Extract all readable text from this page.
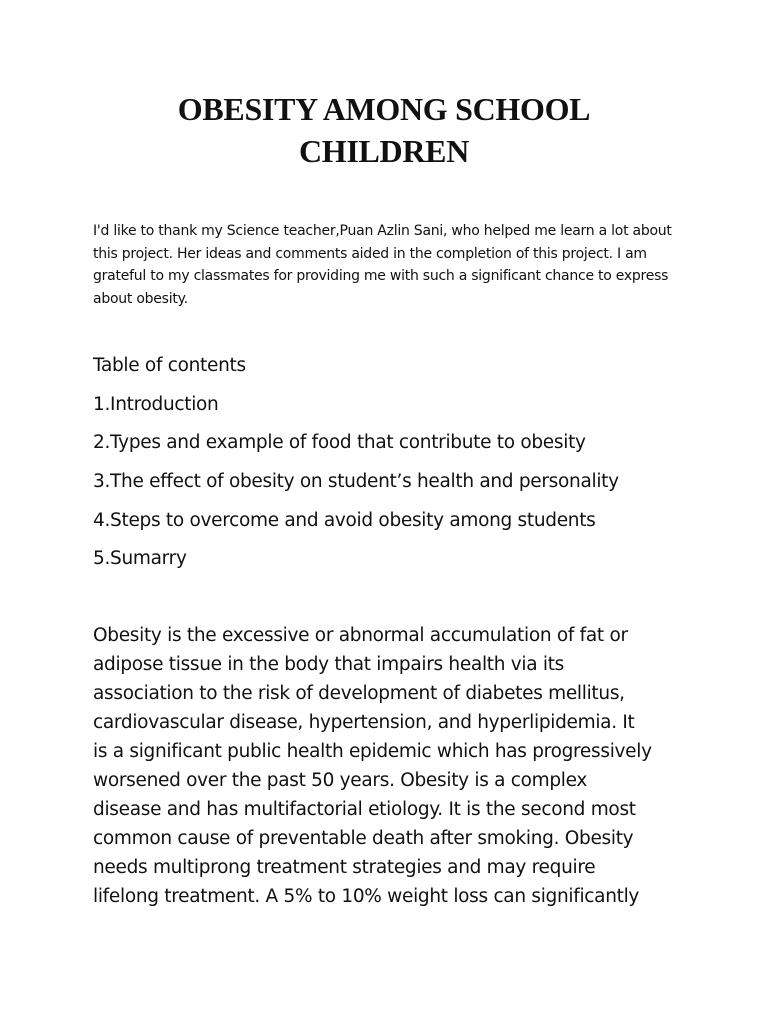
OBESITY AMONG SCHOOL
CHILDREN

I'd like to thank my Science teacher,Puan Azlin Sani, who helped me learn a lot about this project. Her ideas and comments aided in the completion of this project. I am grateful to my classmates for providing me with such a significant chance to express about obesity.

Table of contents
1.Introduction
2.Types and example of food that contribute to obesity
3.The effect of obesity on student’s health and personality
4.Steps to overcome and avoid obesity among students
5.Sumarry

Obesity is the excessive or abnormal accumulation of fat or
adipose tissue in the body that impairs health via its
association to the risk of development of diabetes mellitus,
cardiovascular disease, hypertension, and hyperlipidemia. It
is a significant public health epidemic which has progressively
worsened over the past 50 years. Obesity is a complex
disease and has multifactorial etiology. It is the second most
common cause of preventable death after smoking. Obesity
needs multiprong treatment strategies and may require
lifelong treatment. A 5% to 10% weight loss can significantly
